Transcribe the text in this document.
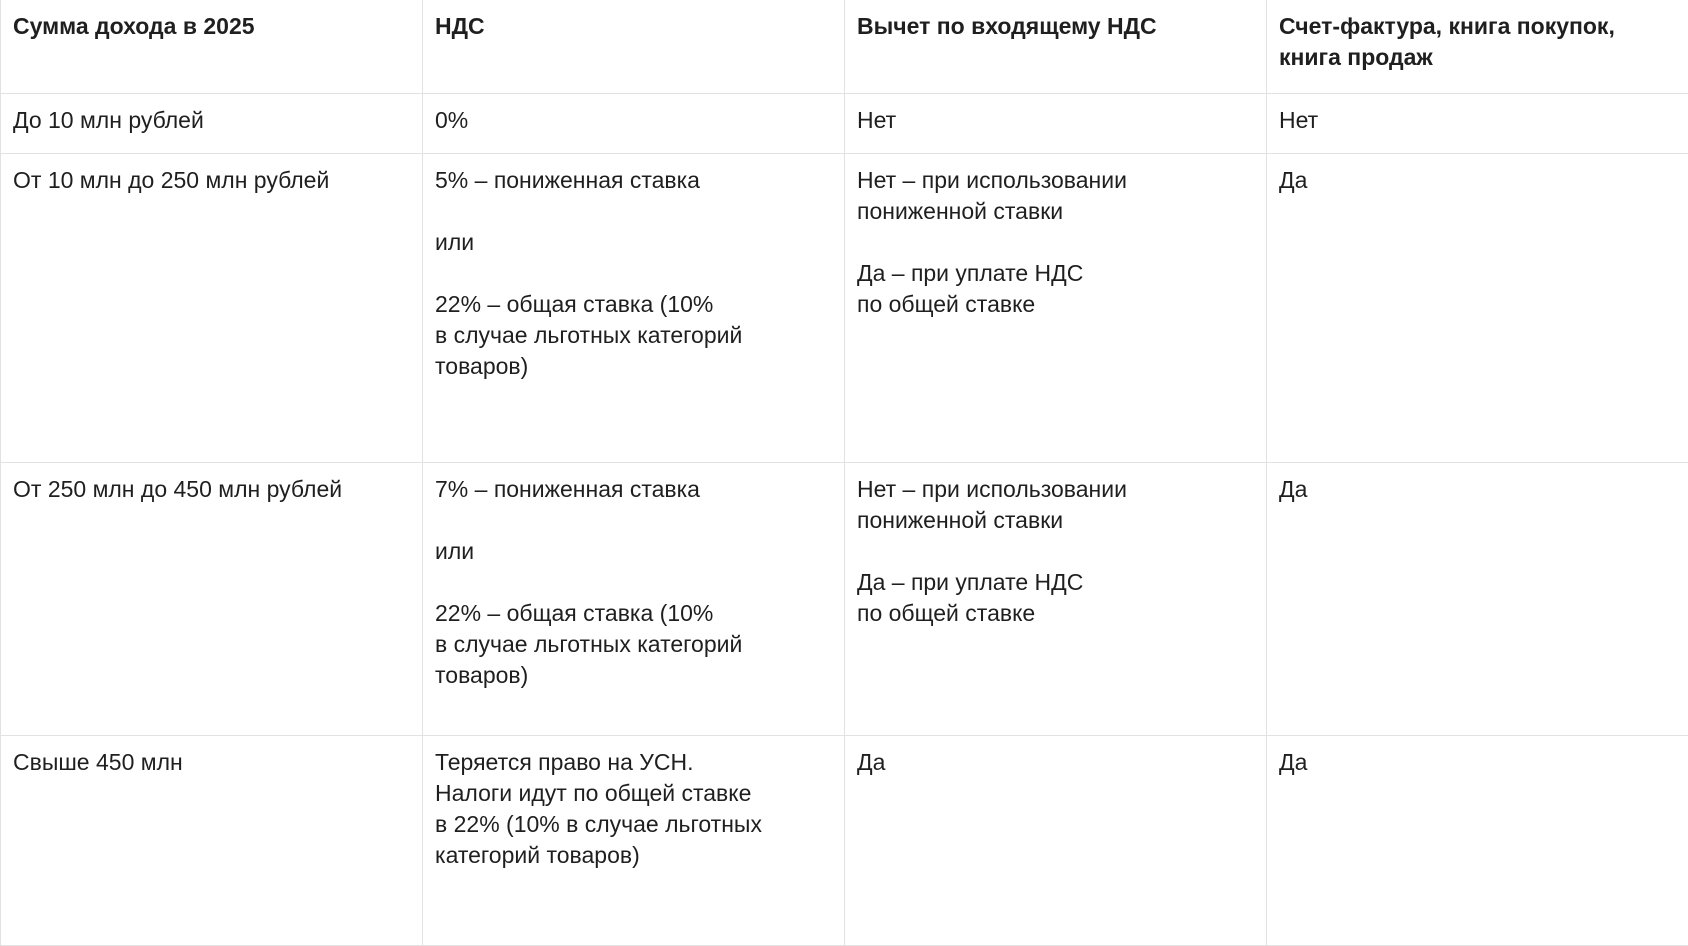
Сумма дохода в 2025	НДС	Вычет по входящему НДС	Счет-фактура, книга покупок,
книга продаж
До 10 млн рублей	0%	Нет	Нет
От 10 млн до 250 млн рублей	5% – пониженная ставка

или

22% – общая ставка (10%
в случае льготных категорий
товаров)	Нет – при использовании
пониженной ставки

Да – при уплате НДС
по общей ставке	Да
От 250 млн до 450 млн рублей	7% – пониженная ставка

или

22% – общая ставка (10%
в случае льготных категорий
товаров)	Нет – при использовании
пониженной ставки

Да – при уплате НДС
по общей ставке	Да
Свыше 450 млн	Теряется право на УСН.
Налоги идут по общей ставке
в 22% (10% в случае льготных
категорий товаров)	Да	Да
